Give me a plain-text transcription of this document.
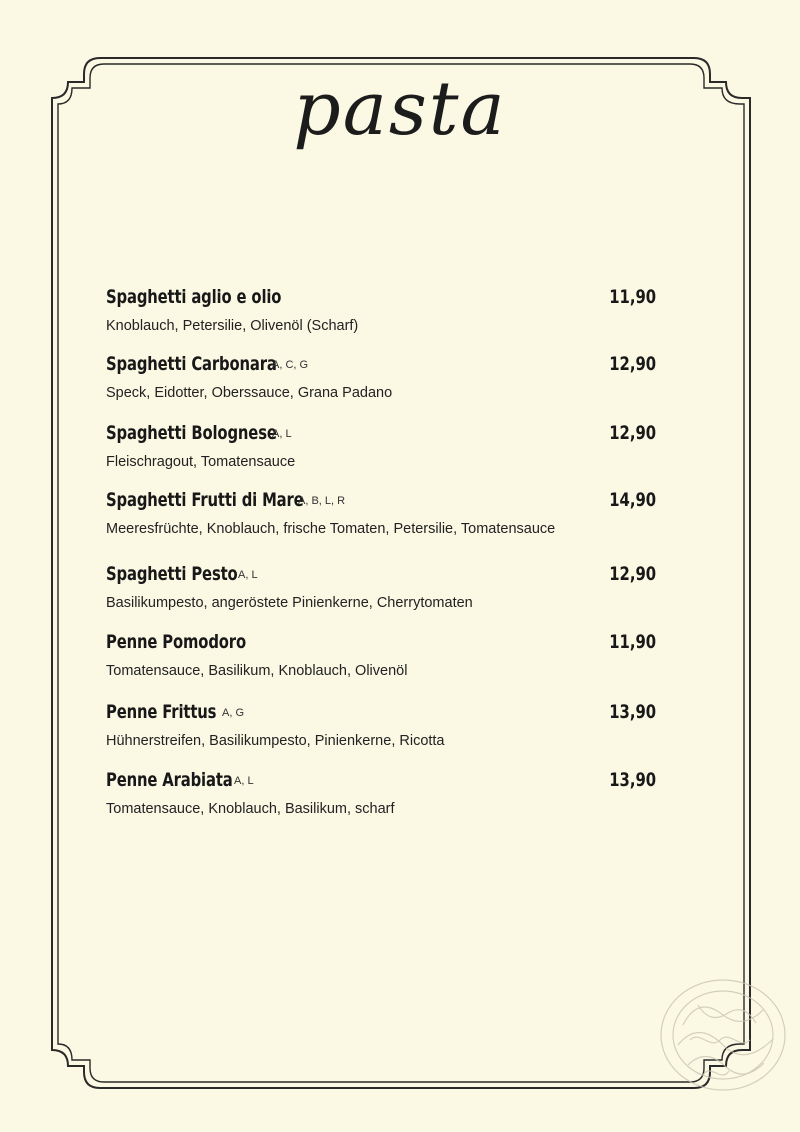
pasta
Spaghetti aglio e olio	11,90
Knoblauch, Petersilie, Olivenöl (Scharf)
Spaghetti Carbonara
A, C, G	12,90
Speck, Eidotter, Oberssauce, Grana Padano
Spaghetti Bolognese
A, L	12,90
Fleischragout, Tomatensauce
Spaghetti Frutti di Mare
A, B, L, R	14,90
Meeresfrüchte, Knoblauch, frische Tomaten, Petersilie, Tomatensauce
Spaghetti Pesto A, L	12,90
Basilikumpesto, angeröstete Pinienkerne, Cherrytomaten
Penne Pomodoro	11,90
Tomatensauce, Basilikum, Knoblauch, Olivenöl
Penne Frittus A, G	13,90
Hühnerstreifen, Basilikumpesto, Pinienkerne, Ricotta
Penne Arabiata A, L	13,90
Tomatensauce, Knoblauch, Basilikum, scharf
